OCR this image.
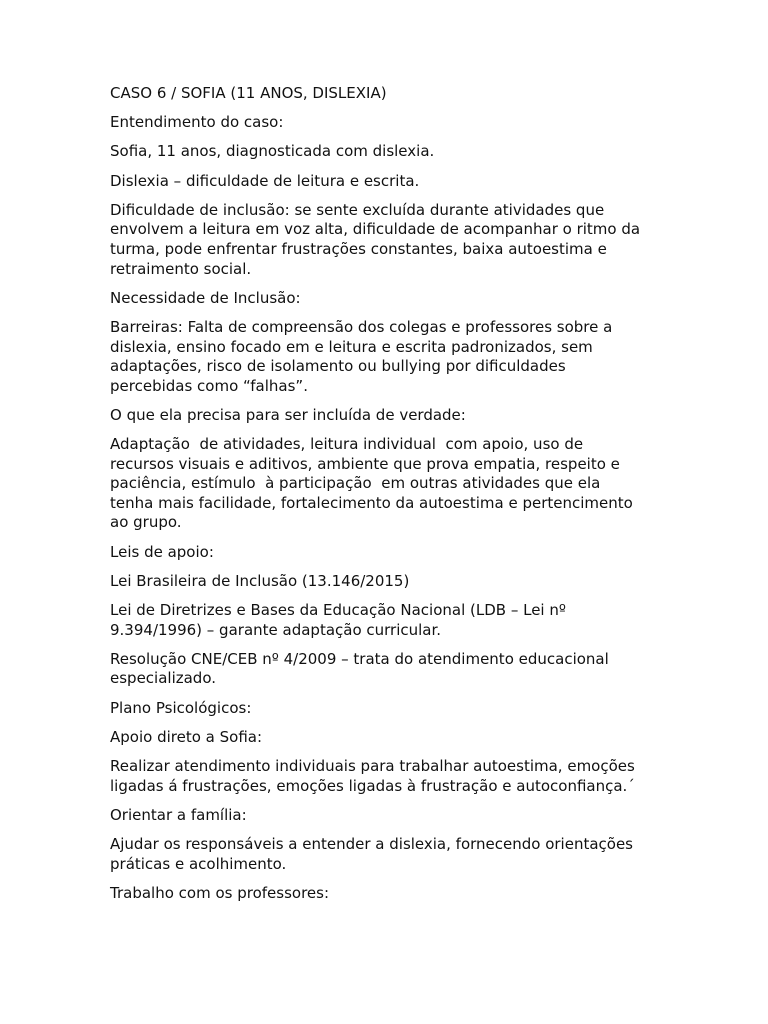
CASO 6 / SOFIA (11 ANOS, DISLEXIA)

Entendimento do caso:

Sofia, 11 anos, diagnosticada com dislexia.

Dislexia – dificuldade de leitura e escrita.

Dificuldade de inclusão: se sente excluída durante atividades que
envolvem a leitura em voz alta, dificuldade de acompanhar o ritmo da
turma, pode enfrentar frustrações constantes, baixa autoestima e
retraimento social.

Necessidade de Inclusão:

Barreiras: Falta de compreensão dos colegas e professores sobre a
dislexia, ensino focado em e leitura e escrita padronizados, sem
adaptações, risco de isolamento ou bullying por dificuldades
percebidas como “falhas”.

O que ela precisa para ser incluída de verdade:

Adaptação  de atividades, leitura individual  com apoio, uso de
recursos visuais e aditivos, ambiente que prova empatia, respeito e
paciência, estímulo  à participação  em outras atividades que ela
tenha mais facilidade, fortalecimento da autoestima e pertencimento
ao grupo.

Leis de apoio:

Lei Brasileira de Inclusão (13.146/2015)

Lei de Diretrizes e Bases da Educação Nacional (LDB – Lei nº
9.394/1996) – garante adaptação curricular.

Resolução CNE/CEB nº 4/2009 – trata do atendimento educacional
especializado.

Plano Psicológicos:

Apoio direto a Sofia:

Realizar atendimento individuais para trabalhar autoestima, emoções
ligadas á frustrações, emoções ligadas à frustração e autoconfiança.´

Orientar a família:

Ajudar os responsáveis a entender a dislexia, fornecendo orientações
práticas e acolhimento.

Trabalho com os professores:
